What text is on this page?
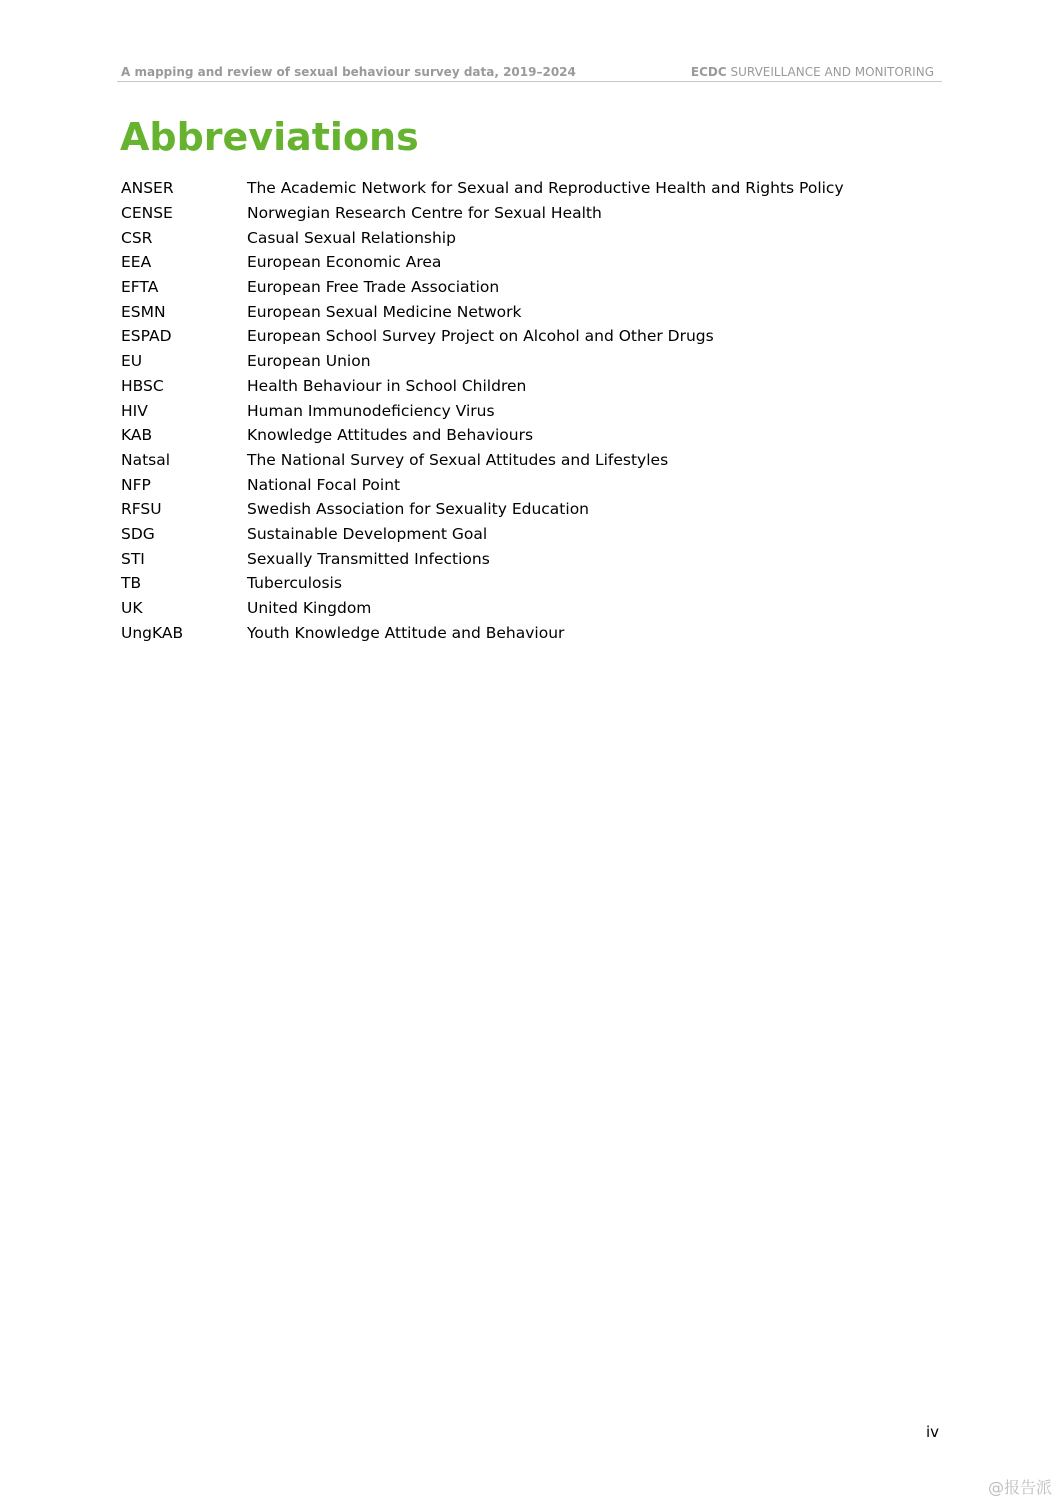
A mapping and review of sexual behaviour survey data, 2019–2024	ECDC SURVEILLANCE AND MONITORING
Abbreviations
ANSER	The Academic Network for Sexual and Reproductive Health and Rights Policy
CENSE	Norwegian Research Centre for Sexual Health
CSR	Casual Sexual Relationship
EEA	European Economic Area
EFTA	European Free Trade Association
ESMN	European Sexual Medicine Network
ESPAD	European School Survey Project on Alcohol and Other Drugs
EU	European Union
HBSC	Health Behaviour in School Children
HIV	Human Immunodeficiency Virus
KAB	Knowledge Attitudes and Behaviours
Natsal	The National Survey of Sexual Attitudes and Lifestyles
NFP	National Focal Point
RFSU	Swedish Association for Sexuality Education
SDG	Sustainable Development Goal
STI	Sexually Transmitted Infections
TB	Tuberculosis
UK	United Kingdom
UngKAB	Youth Knowledge Attitude and Behaviour
iv
@报告派
